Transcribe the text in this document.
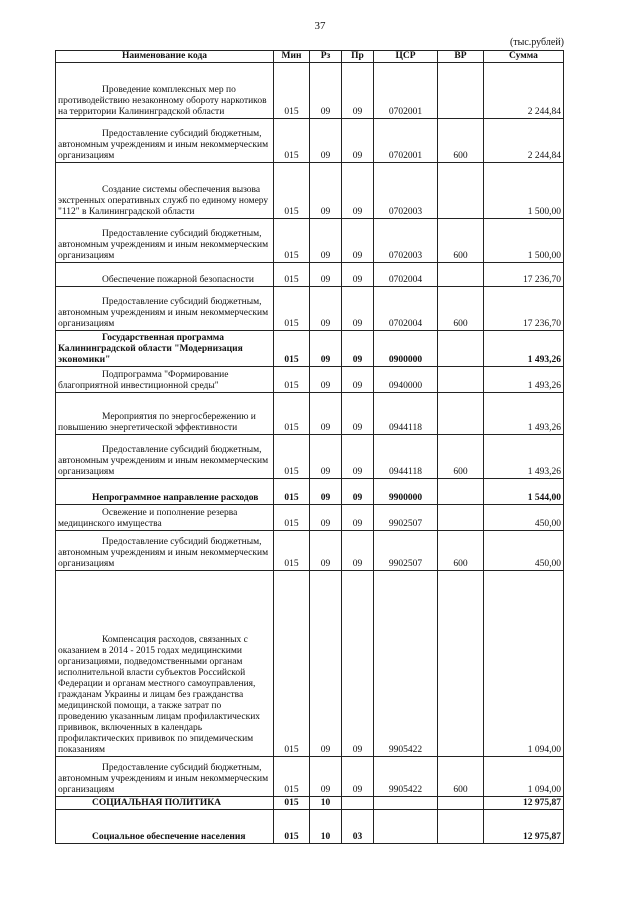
37
(тыс.рублей)
Наименование кода	Мин	Рз	Пр	ЦСР	ВР	Сумма
Проведение комплексных мер по противодействию незаконному обороту наркотиков на территории Калининградской области	015	09	09	0702001		2 244,84
Предоставление субсидий бюджетным, автономным учреждениям и иным некоммерческим организациям	015	09	09	0702001	600	2 244,84
Создание системы обеспечения вызова экстренных оперативных служб по единому номеру "112" в Калининградской области	015	09	09	0702003		1 500,00
Предоставление субсидий бюджетным, автономным учреждениям и иным некоммерческим организациям	015	09	09	0702003	600	1 500,00
Обеспечение пожарной безопасности	015	09	09	0702004		17 236,70
Предоставление субсидий бюджетным, автономным учреждениям и иным некоммерческим организациям	015	09	09	0702004	600	17 236,70
Государственная программа Калининградской области "Модернизация экономики"	015	09	09	0900000		1 493,26
Подпрограмма "Формирование благоприятной инвестиционной среды"	015	09	09	0940000		1 493,26
Мероприятия по энергосбережению и повышению энергетической эффективности	015	09	09	0944118		1 493,26
Предоставление субсидий бюджетным, автономным учреждениям и иным некоммерческим организациям	015	09	09	0944118	600	1 493,26
Непрограммное направление расходов	015	09	09	9900000		1 544,00
Освежение и пополнение резерва медицинского имущества	015	09	09	9902507		450,00
Предоставление субсидий бюджетным, автономным учреждениям и иным некоммерческим организациям	015	09	09	9902507	600	450,00
Компенсация расходов, связанных с оказанием в 2014 - 2015 годах медицинскими организациями, подведомственными органам исполнительной власти субъектов Российской Федерации и органам местного самоуправления, гражданам Украины и лицам без гражданства медицинской помощи, а также затрат по проведению указанным лицам профилактических прививок, включенных в календарь профилактических прививок по эпидемическим показаниям	015	09	09	9905422		1 094,00
Предоставление субсидий бюджетным, автономным учреждениям и иным некоммерческим организациям	015	09	09	9905422	600	1 094,00
СОЦИАЛЬНАЯ ПОЛИТИКА	015	10				12 975,87
Социальное обеспечение населения	015	10	03			12 975,87
